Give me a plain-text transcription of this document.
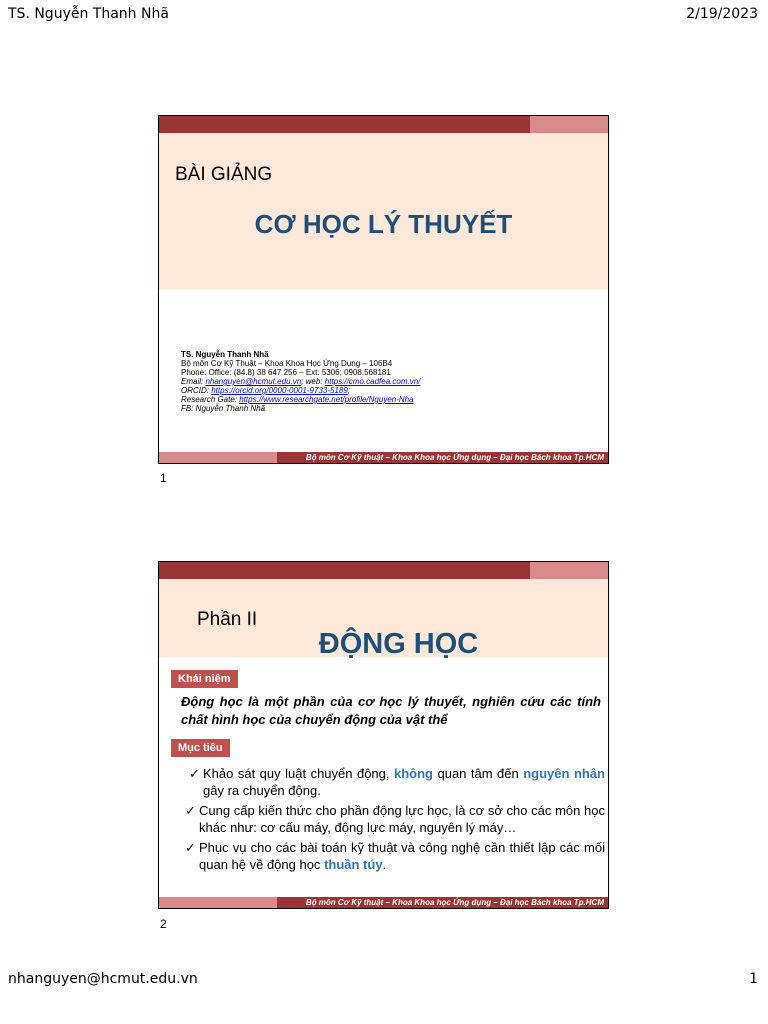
TS. Nguyễn Thanh Nhã	2/19/2023
BÀI GIẢNG
CƠ HỌC LÝ THUYẾT
TS. Nguyễn Thanh Nhã
Bộ môn Cơ Kỹ Thuật – Khoa Khoa Học Ứng Dụng – 106B4
Phone: Office: (84.8) 38 647 256 – Ext: 5306; 0908.568181
Email: nhanguyen@hcmut.edu.vn; web: https://cmo.cadfea.com.vn/
ORCID: https://orcid.org/0000-0001-9733-5189;
Research Gate: https://www.researchgate.net/profile/Nguyen-Nha
FB: Nguyễn Thanh Nhã
Bộ môn Cơ Kỹ thuật – Khoa Khoa học Ứng dụng – Đại học Bách khoa Tp.HCM
1
Phần II
ĐỘNG HỌC
Khái niệm
Động học là một phần của cơ học lý thuyết, nghiên cứu các tính chất hình học của chuyển động của vật thể
Mục tiêu
✓ Khảo sát quy luật chuyển động, không quan tâm đến nguyên nhân gây ra chuyển động.
✓ Cung cấp kiến thức cho phần động lực học, là cơ sở cho các môn học khác như: cơ cấu máy, động lực máy, nguyên lý máy…
✓ Phục vụ cho các bài toán kỹ thuật và công nghệ cần thiết lập các mối quan hệ về động học thuần túy.
Bộ môn Cơ Kỹ thuật – Khoa Khoa học Ứng dụng – Đại học Bách khoa Tp.HCM
2
nhanguyen@hcmut.edu.vn	1
